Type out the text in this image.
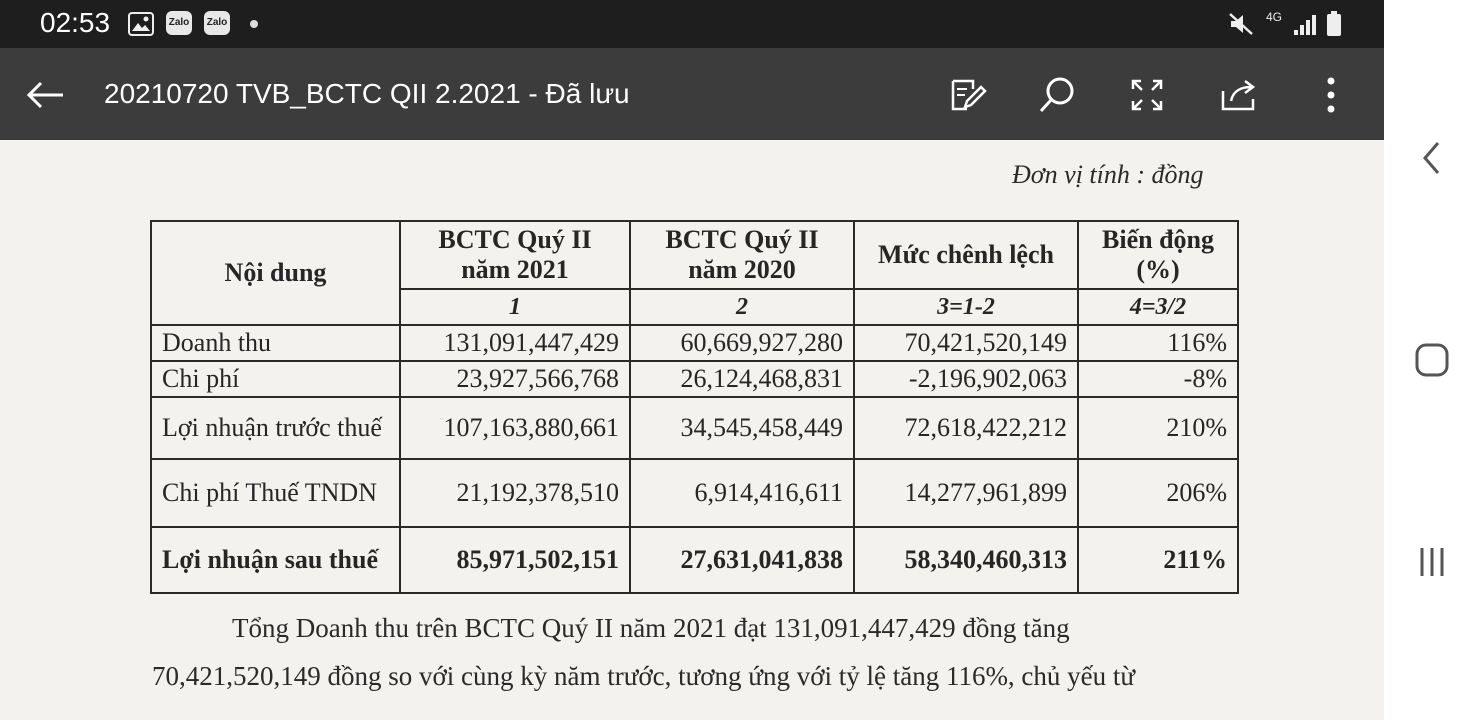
02:53	Zalo Zalo	4G
20210720 TVB_BCTC QII 2.2021 - Đã lưu
Đơn vị tính : đồng
Nội dung	BCTC Quý II năm 2021	BCTC Quý II năm 2020	Mức chênh lệch	Biến động (%)
	1	2	3=1-2	4=3/2
Doanh thu	131,091,447,429	60,669,927,280	70,421,520,149	116%
Chi phí	23,927,566,768	26,124,468,831	-2,196,902,063	-8%
Lợi nhuận trước thuế	107,163,880,661	34,545,458,449	72,618,422,212	210%
Chi phí Thuế TNDN	21,192,378,510	6,914,416,611	14,277,961,899	206%
Lợi nhuận sau thuế	85,971,502,151	27,631,041,838	58,340,460,313	211%
Tổng Doanh thu trên BCTC Quý II năm 2021 đạt 131,091,447,429 đồng tăng
70,421,520,149 đồng so với cùng kỳ năm trước, tương ứng với tỷ lệ tăng 116%, chủ yếu từ
